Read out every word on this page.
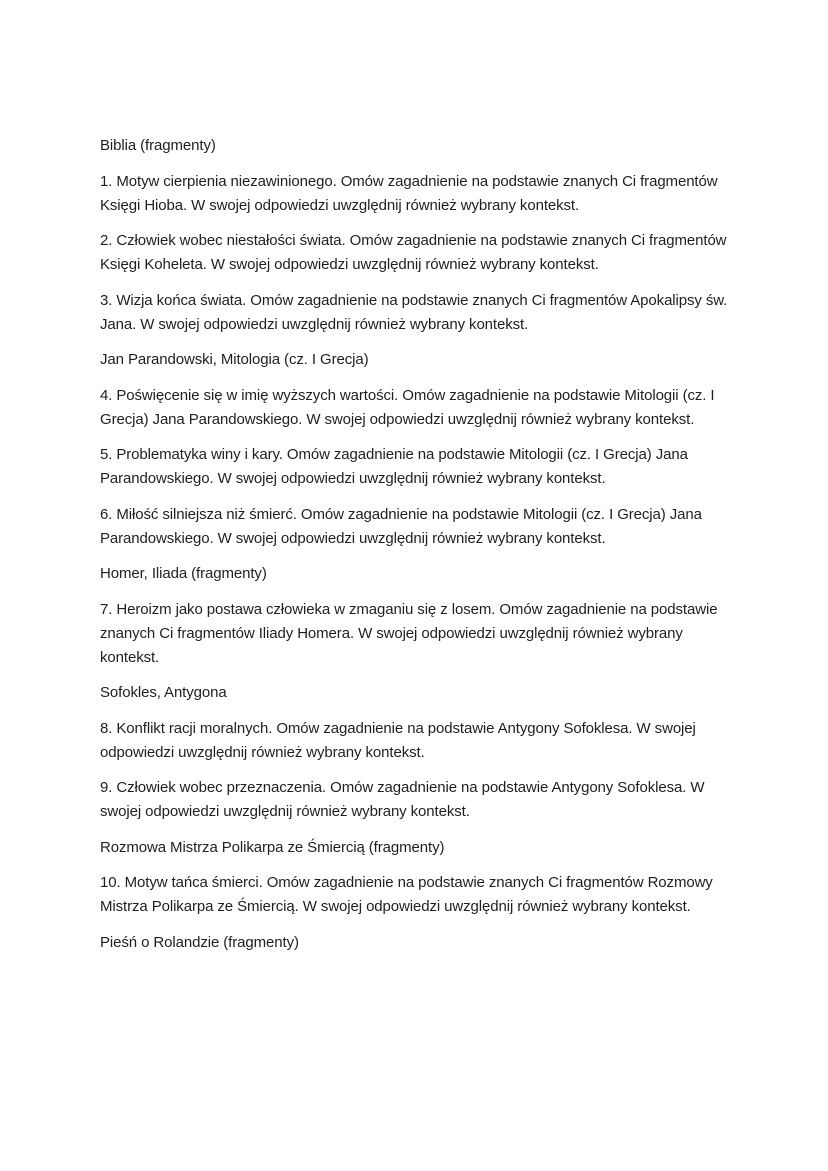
Biblia (fragmenty)

1. Motyw cierpienia niezawinionego. Omów zagadnienie na podstawie znanych Ci fragmentów Księgi Hioba. W swojej odpowiedzi uwzględnij również wybrany kontekst.

2. Człowiek wobec niestałości świata. Omów zagadnienie na podstawie znanych Ci fragmentów Księgi Koheleta. W swojej odpowiedzi uwzględnij również wybrany kontekst.

3. Wizja końca świata. Omów zagadnienie na podstawie znanych Ci fragmentów Apokalipsy św. Jana. W swojej odpowiedzi uwzględnij również wybrany kontekst.

Jan Parandowski, Mitologia (cz. I Grecja)

4. Poświęcenie się w imię wyższych wartości. Omów zagadnienie na podstawie Mitologii (cz. I Grecja) Jana Parandowskiego. W swojej odpowiedzi uwzględnij również wybrany kontekst.

5. Problematyka winy i kary. Omów zagadnienie na podstawie Mitologii (cz. I Grecja) Jana Parandowskiego. W swojej odpowiedzi uwzględnij również wybrany kontekst.

6. Miłość silniejsza niż śmierć. Omów zagadnienie na podstawie Mitologii (cz. I Grecja) Jana Parandowskiego. W swojej odpowiedzi uwzględnij również wybrany kontekst.

Homer, Iliada (fragmenty)

7. Heroizm jako postawa człowieka w zmaganiu się z losem. Omów zagadnienie na podstawie znanych Ci fragmentów Iliady Homera. W swojej odpowiedzi uwzględnij również wybrany kontekst.

Sofokles, Antygona

8. Konflikt racji moralnych. Omów zagadnienie na podstawie Antygony Sofoklesa. W swojej odpowiedzi uwzględnij również wybrany kontekst.

9. Człowiek wobec przeznaczenia. Omów zagadnienie na podstawie Antygony Sofoklesa. W swojej odpowiedzi uwzględnij również wybrany kontekst.

Rozmowa Mistrza Polikarpa ze Śmiercią (fragmenty)

10. Motyw tańca śmierci. Omów zagadnienie na podstawie znanych Ci fragmentów Rozmowy Mistrza Polikarpa ze Śmiercią. W swojej odpowiedzi uwzględnij również wybrany kontekst.

Pieśń o Rolandzie (fragmenty)
